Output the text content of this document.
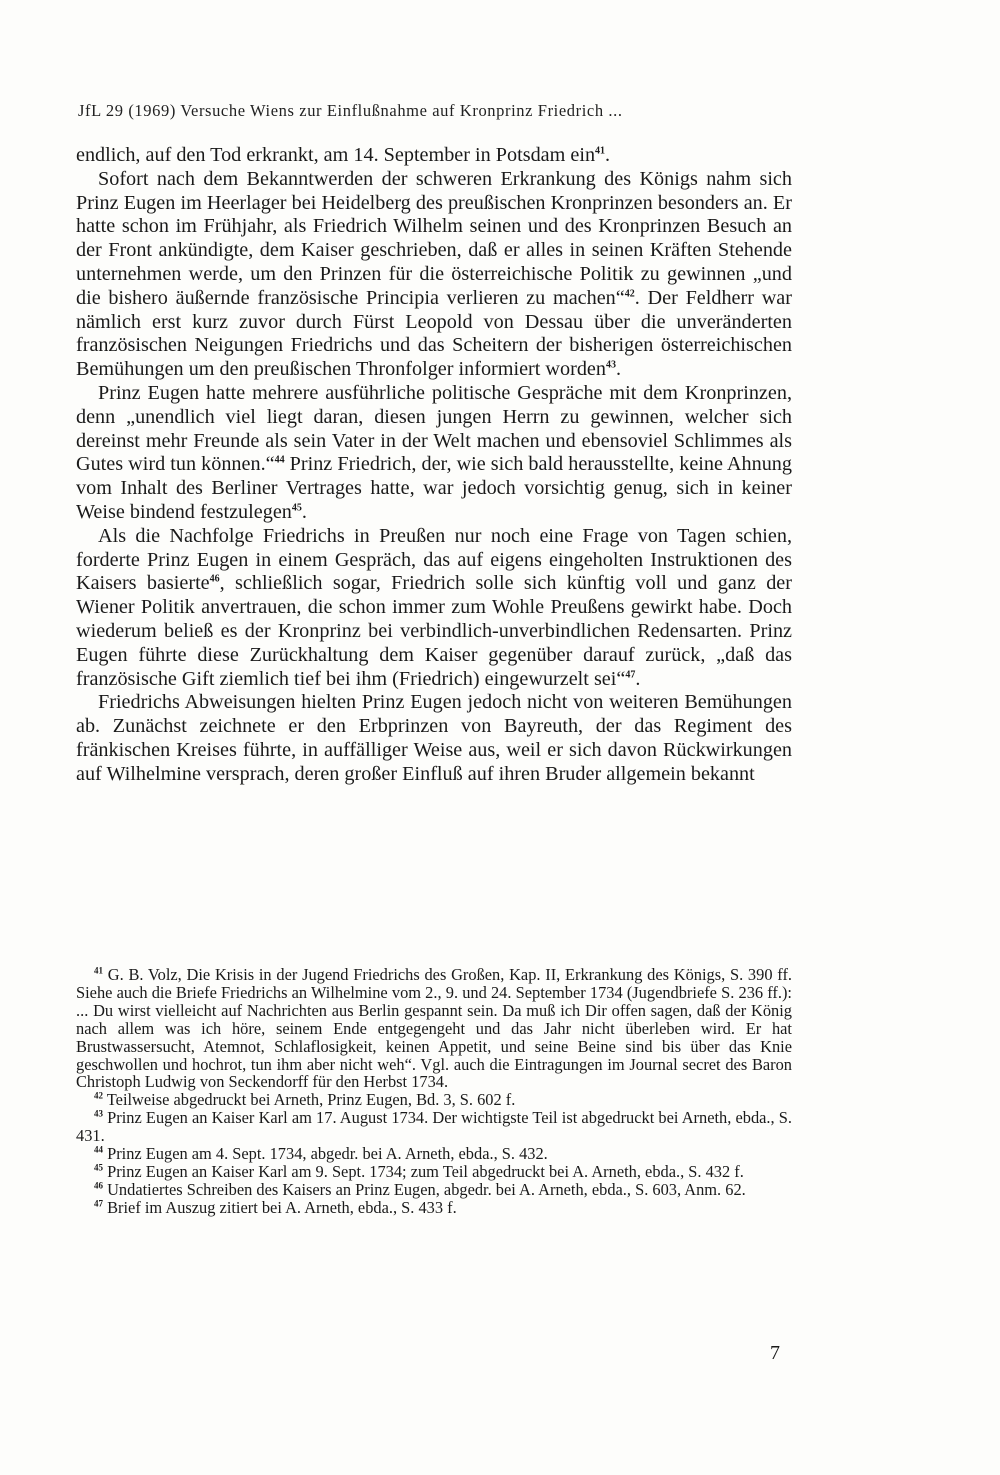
JfL 29 (1969) Versuche Wiens zur Einflußnahme auf Kronprinz Friedrich ...

endlich, auf den Tod erkrankt, am 14. September in Potsdam ein$^{41}$.

Sofort nach dem Bekanntwerden der schweren Erkrankung des Königs nahm sich Prinz Eugen im Heerlager bei Heidelberg des preußischen Kronprinzen besonders an. Er hatte schon im Frühjahr, als Friedrich Wilhelm seinen und des Kronprinzen Besuch an der Front ankündigte, dem Kaiser geschrieben, daß er alles in seinen Kräften Stehende unternehmen werde, um den Prinzen für die österreichische Politik zu gewinnen „und die bishero äußernde französische Principia verlieren zu machen“$^{42}$. Der Feldherr war nämlich erst kurz zuvor durch Fürst Leopold von Dessau über die unveränderten französischen Neigungen Friedrichs und das Scheitern der bisherigen österreichischen Bemühungen um den preußischen Thronfolger informiert worden$^{43}$.

Prinz Eugen hatte mehrere ausführliche politische Gespräche mit dem Kronprinzen, denn „unendlich viel liegt daran, diesen jungen Herrn zu gewinnen, welcher sich dereinst mehr Freunde als sein Vater in der Welt machen und ebensoviel Schlimmes als Gutes wird tun können.“$^{44}$ Prinz Friedrich, der, wie sich bald herausstellte, keine Ahnung vom Inhalt des Berliner Vertrages hatte, war jedoch vorsichtig genug, sich in keiner Weise bindend festzulegen$^{45}$.

Als die Nachfolge Friedrichs in Preußen nur noch eine Frage von Tagen schien, forderte Prinz Eugen in einem Gespräch, das auf eigens eingeholten Instruktionen des Kaisers basierte$^{46}$, schließlich sogar, Friedrich solle sich künftig voll und ganz der Wiener Politik anvertrauen, die schon immer zum Wohle Preußens gewirkt habe. Doch wiederum beließ es der Kronprinz bei verbindlich-unverbindlichen Redensarten. Prinz Eugen führte diese Zurückhaltung dem Kaiser gegenüber darauf zurück, „daß das französische Gift ziemlich tief bei ihm (Friedrich) eingewurzelt sei“$^{47}$.

Friedrichs Abweisungen hielten Prinz Eugen jedoch nicht von weiteren Bemühungen ab. Zunächst zeichnete er den Erbprinzen von Bayreuth, der das Regiment des fränkischen Kreises führte, in auffälliger Weise aus, weil er sich davon Rückwirkungen auf Wilhelmine versprach, deren großer Einfluß auf ihren Bruder allgemein bekannt

$^{41}$ G. B. Volz, Die Krisis in der Jugend Friedrichs des Großen, Kap. II, Erkrankung des Königs, S. 390 ff. Siehe auch die Briefe Friedrichs an Wilhelmine vom 2., 9. und 24. September 1734 (Jugendbriefe S. 236 ff.): ... Du wirst vielleicht auf Nachrichten aus Berlin gespannt sein. Da muß ich Dir offen sagen, daß der König nach allem was ich höre, seinem Ende entgegengeht und das Jahr nicht überleben wird. Er hat Brustwassersucht, Atemnot, Schlaflosigkeit, keinen Appetit, und seine Beine sind bis über das Knie geschwollen und hochrot, tun ihm aber nicht weh“. Vgl. auch die Eintragungen im Journal secret des Baron Christoph Ludwig von Seckendorff für den Herbst 1734.

$^{42}$ Teilweise abgedruckt bei Arneth, Prinz Eugen, Bd. 3, S. 602 f.

$^{43}$ Prinz Eugen an Kaiser Karl am 17. August 1734. Der wichtigste Teil ist abgedruckt bei Arneth, ebda., S. 431.

$^{44}$ Prinz Eugen am 4. Sept. 1734, abgedr. bei A. Arneth, ebda., S. 432.

$^{45}$ Prinz Eugen an Kaiser Karl am 9. Sept. 1734; zum Teil abgedruckt bei A. Arneth, ebda., S. 432 f.

$^{46}$ Undatiertes Schreiben des Kaisers an Prinz Eugen, abgedr. bei A. Arneth, ebda., S. 603, Anm. 62.

$^{47}$ Brief im Auszug zitiert bei A. Arneth, ebda., S. 433 f.

7
